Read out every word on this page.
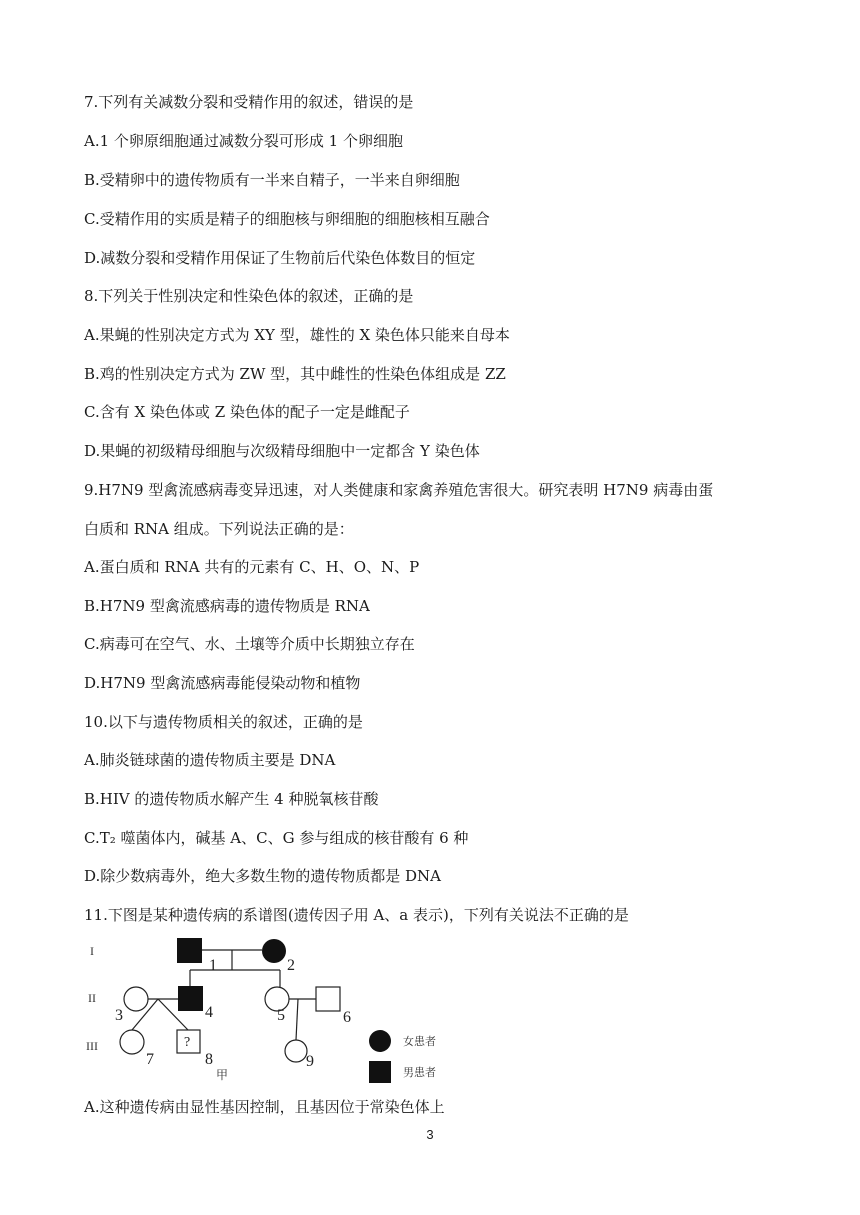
7.下列有关减数分裂和受精作用的叙述，错误的是
A.1 个卵原细胞通过减数分裂可形成 1 个卵细胞
B.受精卵中的遗传物质有一半来自精子，一半来自卵细胞
C.受精作用的实质是精子的细胞核与卵细胞的细胞核相互融合
D.减数分裂和受精作用保证了生物前后代染色体数目的恒定
8.下列关于性别决定和性染色体的叙述，正确的是
A.果蝇的性别决定方式为 XY 型，雄性的 X 染色体只能来自母本
B.鸡的性别决定方式为 ZW 型，其中雌性的性染色体组成是 ZZ
C.含有 X 染色体或 Z 染色体的配子一定是雌配子
D.果蝇的初级精母细胞与次级精母细胞中一定都含 Y 染色体
9.H7N9 型禽流感病毒变异迅速，对人类健康和家禽养殖危害很大。研究表明 H7N9 病毒由蛋
白质和 RNA 组成。下列说法正确的是：
A.蛋白质和 RNA 共有的元素有 C、H、O、N、P
B.H7N9 型禽流感病毒的遗传物质是 RNA
C.病毒可在空气、水、土壤等介质中长期独立存在
D.H7N9 型禽流感病毒能侵染动物和植物
10.以下与遗传物质相关的叙述，正确的是
A.肺炎链球菌的遗传物质主要是 DNA
B.HIV 的遗传物质水解产生 4 种脱氧核苷酸
C.T₂ 噬菌体内，碱基 A、C、G 参与组成的核苷酸有 6 种
D.除少数病毒外，绝大多数生物的遗传物质都是 DNA
11.下图是某种遗传病的系谱图(遗传因子用 A、a 表示)，下列有关说法不正确的是
I
II
III
1	2
3	4	5	6
7	8	9
?
甲
女患者
男患者
A.这种遗传病由显性基因控制，且基因位于常染色体上
3
